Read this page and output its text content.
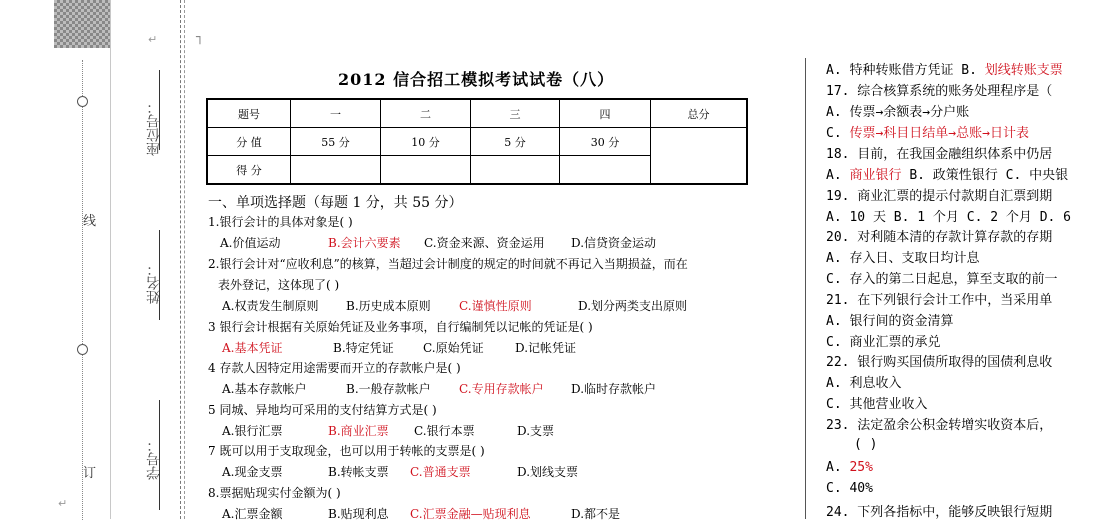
线
订
座位号：
姓名：
学号：
↵
↵
┐
2012 信合招工模拟考试试卷（八）
题号	一	二	三	四	总分
分 值	55 分	10 分	5 分	30 分	
得 分					
一、单项选择题（每题 1 分，共 55 分）
1.银行会计的具体对象是( )
A.价值运动	B.会计六要素 C.资金来源、资金运用 D.信贷资金运动
2.银行会计对“应收利息”的核算，当超过会计制度的规定的时间就不再记入当期损益，而在
表外登记，这体现了( )
A.权责发生制原则 B.历史成本原则 C.谨慎性原则	D.划分两类支出原则
3 银行会计根据有关原始凭证及业务事项，自行编制凭以记帐的凭证是( )
A.基本凭证	B.特定凭证 C.原始凭证	D.记帐凭证
4 存款人因特定用途需要而开立的存款帐户是( )
A.基本存款帐户	B.一般存款帐户 C.专用存款帐户 D.临时存款帐户
5 同城、异地均可采用的支付结算方式是( )
A.银行汇票	B.商业汇票 C.银行本票	D.支票
7 既可以用于支取现金，也可以用于转帐的支票是( )
A.现金支票	B.转帐支票 C.普通支票	D.划线支票
8.票据贴现实付金额为( )
A.汇票金额	B.贴现利息 C.汇票金融—贴现利息	D.都不是
A. 特种转账借方凭证 B. 划线转账支票
17. 综合核算系统的账务处理程序是（
A. 传票→余额表→分户账
C. 传票→科目日结单→总账→日计表
18. 目前，在我国金融组织体系中仍居
A. 商业银行 B. 政策性银行 C. 中央银
19. 商业汇票的提示付款期自汇票到期
A. 10 天 B. 1 个月 C. 2 个月 D. 6
20. 对利随本清的存款计算存款的存期
A. 存入日、支取日均计息
C. 存入的第二日起息，算至支取的前一
21. 在下列银行会计工作中，当采用单
A. 银行间的资金清算
C. 商业汇票的承兑
22. 银行购买国债所取得的国债利息收
A. 利息收入
C. 其他营业收入
23. 法定盈余公积金转增实收资本后，
( )
A. 25%
C. 40%
24. 下列各指标中，能够反映银行短期
